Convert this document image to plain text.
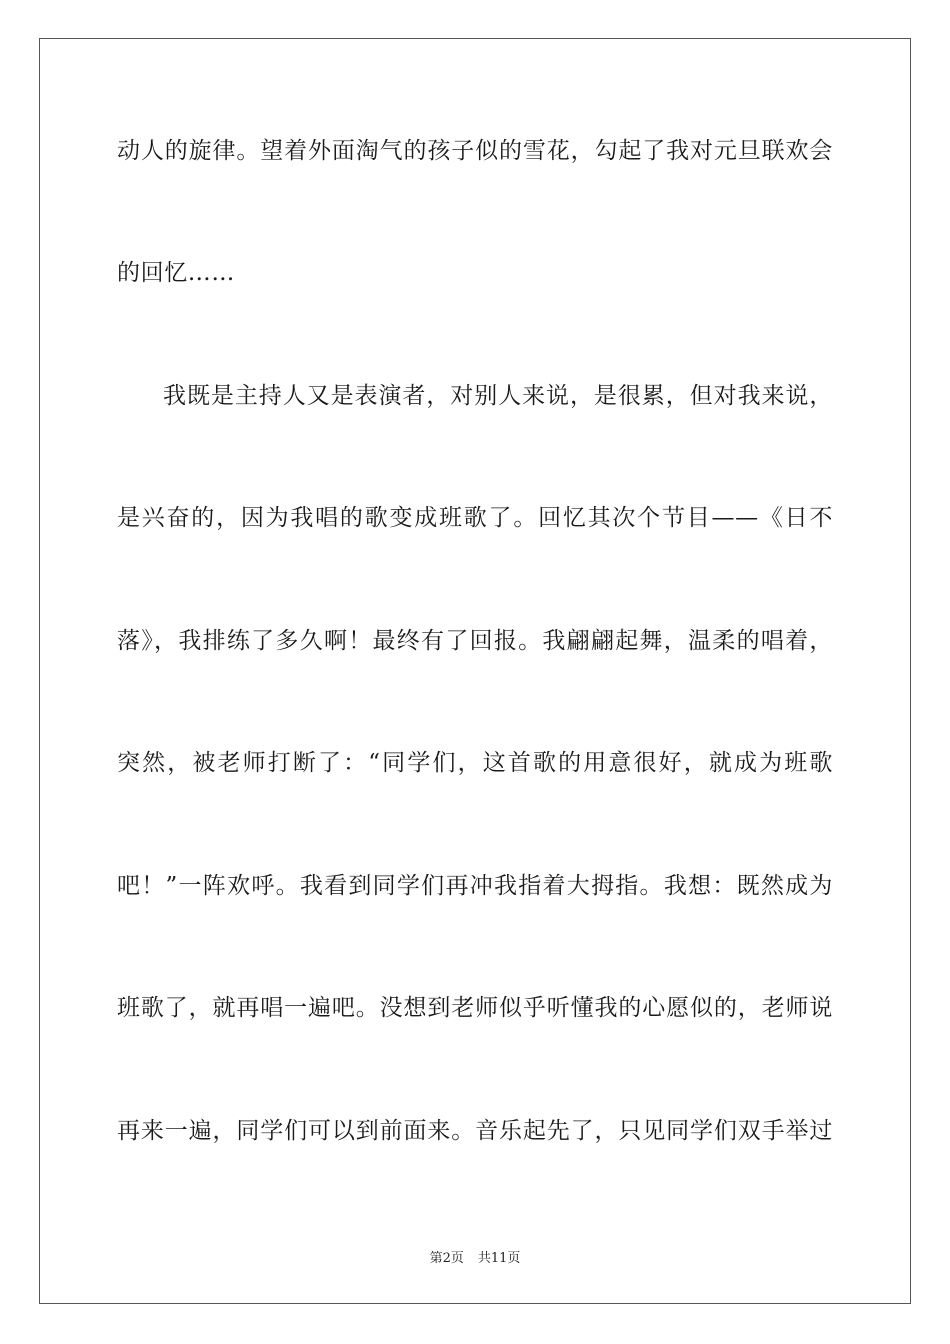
动人的旋律。望着外面淘气的孩子似的雪花，勾起了我对元旦联欢会
的回忆……
我既是主持人又是表演者，对别人来说，是很累，但对我来说，
是兴奋的，因为我唱的歌变成班歌了。回忆其次个节目——《日不
落》，我排练了多久啊！最终有了回报。我翩翩起舞，温柔的唱着，
突然，被老师打断了：“同学们，这首歌的用意很好，就成为班歌
吧！”一阵欢呼。我看到同学们再冲我指着大拇指。我想：既然成为
班歌了，就再唱一遍吧。没想到老师似乎听懂我的心愿似的，老师说
再来一遍，同学们可以到前面来。音乐起先了，只见同学们双手举过
第2页 共11页
